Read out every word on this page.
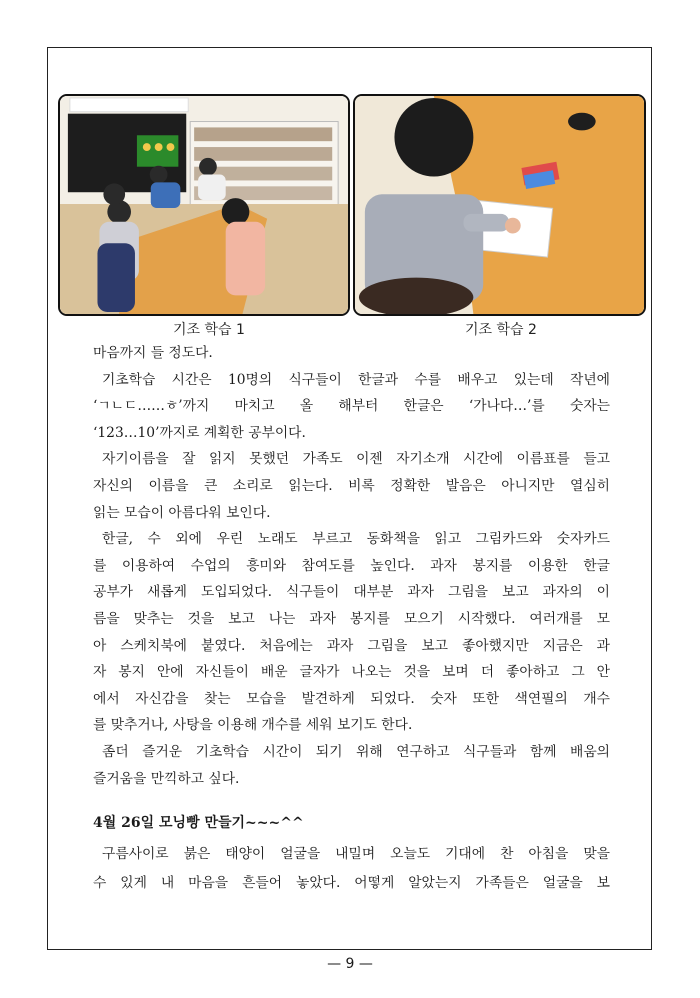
기조 학습 1	기조 학습 2
마음까지 들 정도다.
기초학습 시간은 10명의 식구들이 한글과 수를 배우고 있는데 작년에
‘ㄱㄴㄷ……ㅎ’까지 마치고 올 해부터 한글은 ‘가나다…’를 숫자는
‘123…10’까지로 계획한 공부이다.
자기이름을 잘 읽지 못했던 가족도 이젠 자기소개 시간에 이름표를 들고
자신의 이름을 큰 소리로 읽는다. 비록 정확한 발음은 아니지만 열심히
읽는 모습이 아름다워 보인다.
한글, 수 외에 우린 노래도 부르고 동화책을 읽고 그림카드와 숫자카드
를 이용하여 수업의 흥미와 참여도를 높인다. 과자 봉지를 이용한 한글
공부가 새롭게 도입되었다. 식구들이 대부분 과자 그림을 보고 과자의 이
름을 맞추는 것을 보고 나는 과자 봉지를 모으기 시작했다. 여러개를 모
아 스케치북에 붙였다. 처음에는 과자 그림을 보고 좋아했지만 지금은 과
자 봉지 안에 자신들이 배운 글자가 나오는 것을 보며 더 좋아하고 그 안
에서 자신감을 찾는 모습을 발견하게 되었다. 숫자 또한 색연필의 개수
를 맞추거나, 사탕을 이용해 개수를 세워 보기도 한다.
좀더 즐거운 기초학습 시간이 되기 위해 연구하고 식구들과 함께 배움의
즐거움을 만끽하고 싶다.
4월 26일 모닝빵 만들기~~~^^
구름사이로 붉은 태양이 얼굴을 내밀며 오늘도 기대에 찬 아침을 맞을
수 있게 내 마음을 흔들어 놓았다. 어떻게 알았는지 가족들은 얼굴을 보
— 9 —
